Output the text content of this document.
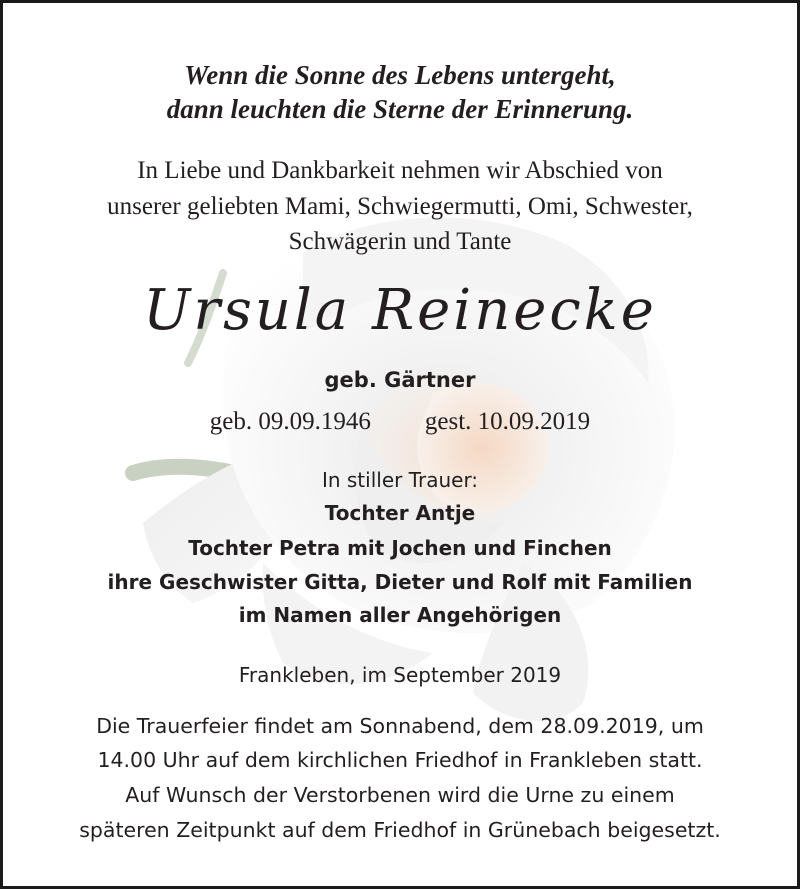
Wenn die Sonne des Lebens untergeht,

dann leuchten die Sterne der Erinnerung.

In Liebe und Dankbarkeit nehmen wir Abschied von

unserer geliebten Mami, Schwiegermutti, Omi, Schwester,

Schwägerin und Tante

Ursula Reinecke

geb. Gärtner

geb. 09.09.1946 gest. 10.09.2019

In stiller Trauer:

Tochter Antje

Tochter Petra mit Jochen und Finchen

ihre Geschwister Gitta, Dieter und Rolf mit Familien

im Namen aller Angehörigen

Frankleben, im September 2019

Die Trauerfeier findet am Sonnabend, dem 28.09.2019, um

14.00 Uhr auf dem kirchlichen Friedhof in Frankleben statt.

Auf Wunsch der Verstorbenen wird die Urne zu einem

späteren Zeitpunkt auf dem Friedhof in Grünebach beigesetzt.
